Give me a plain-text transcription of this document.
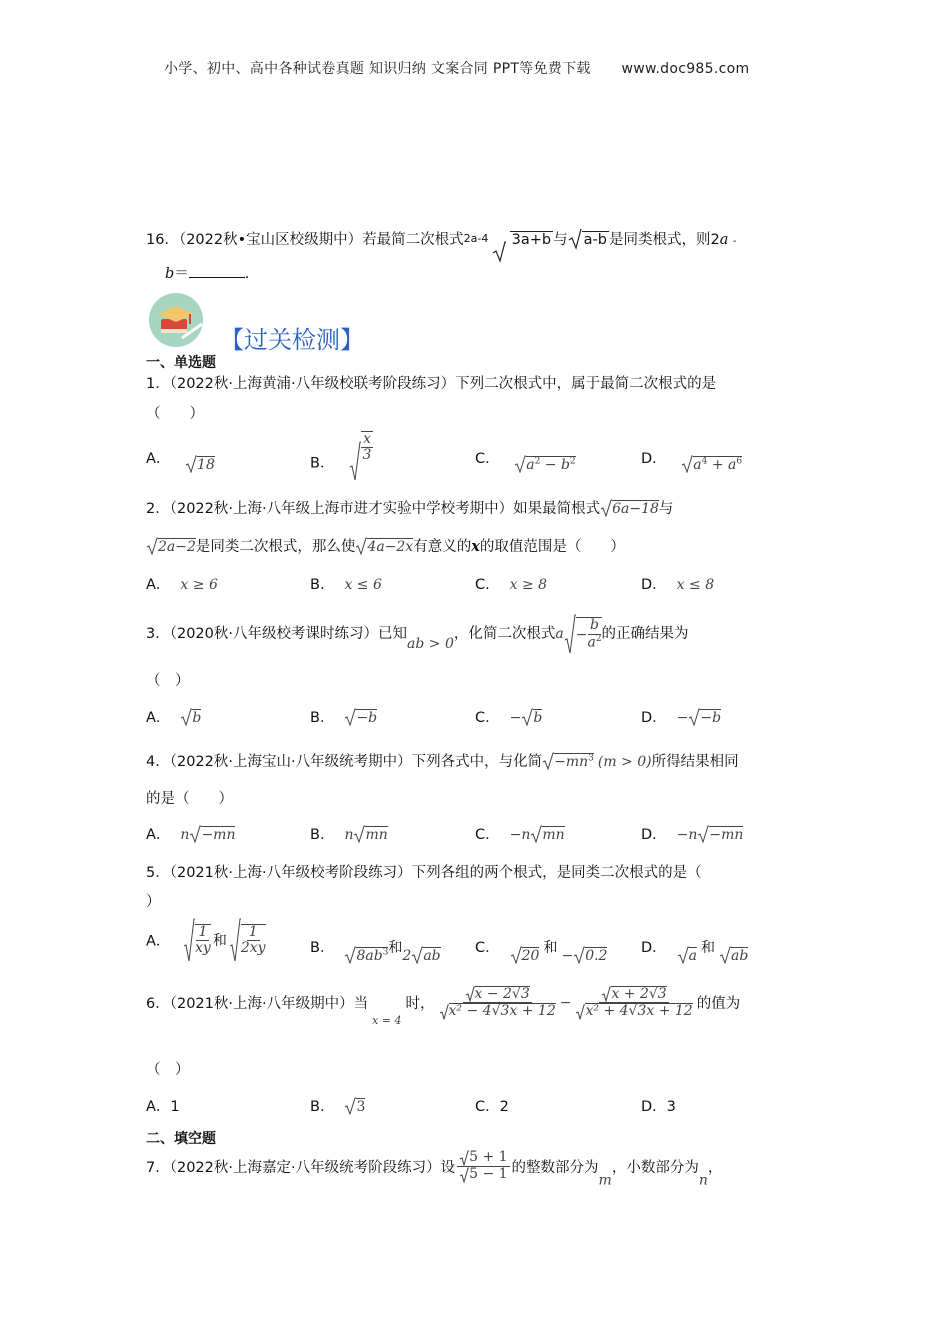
小学、初中、高中各种试卷真题 知识归纳 文案合同 PPT等免费下载 www.doc985.com
16．（2022秋•宝山区校级期中）若最简二次根式 2a-4 3a+b 与 a-b 是同类根式，则2a -
b＝	.
【过关检测】
一、单选题
1．（2022秋·上海黄浦·八年级校联考阶段练习）下列二次根式中，属于最简二次根式的是
（　　）
A． 18	B． $\frac{x}{3}$	C． $a^2 - b^2$	D． $a^4 + a^6$
2．（2022秋·上海·八年级上海市进才实验中学校考期中）如果最简根式 6a−18与
2a−2是同类二次根式，那么使 4a−2x有意义的x的取值范围是（　　）
A． x ≥ 6	B． x ≤ 6	C． x ≥ 8	D． x ≤ 8
3．（2020秋·八年级校考课时练习）已知ab > 0，化简二次根式 $a - \frac{b}{a^2}$ 的正确结果为
（　）
A． b	B． −b	C． − b	D． − −b
4．（2022秋·上海宝山·八年级统考期中）下列各式中，与化简 $-mn^3$ (m > 0)所得结果相同
的是（　　）
A． n −mn	B． n mn	C． −n mn	D． −n −mn
5．（2021秋·上海·八年级校考阶段练习）下列各组的两个根式，是同类二次根式的是（
）
A． $\frac{1}{xy}$ 和 $\frac{1}{2xy}$	B． $8ab^3$和2 ab C． 20 和 − 0.2 D． a 和 ab
6．（2021秋·上海·八年级期中）当x = 4时， $\frac{x - 2√3}{\text{x² − 4√3x + 12}} - \frac{x + 2√3}{\text{x² + 4√3x + 12}}$ 的值为
（　）
A．1	B． 3	C．2	D．3
二、填空题
7．（2022秋·上海嘉定·八年级统考阶段练习）设 $\frac{5 + 1}{5 - 1}$ 的整数部分为m，小数部分为n，
